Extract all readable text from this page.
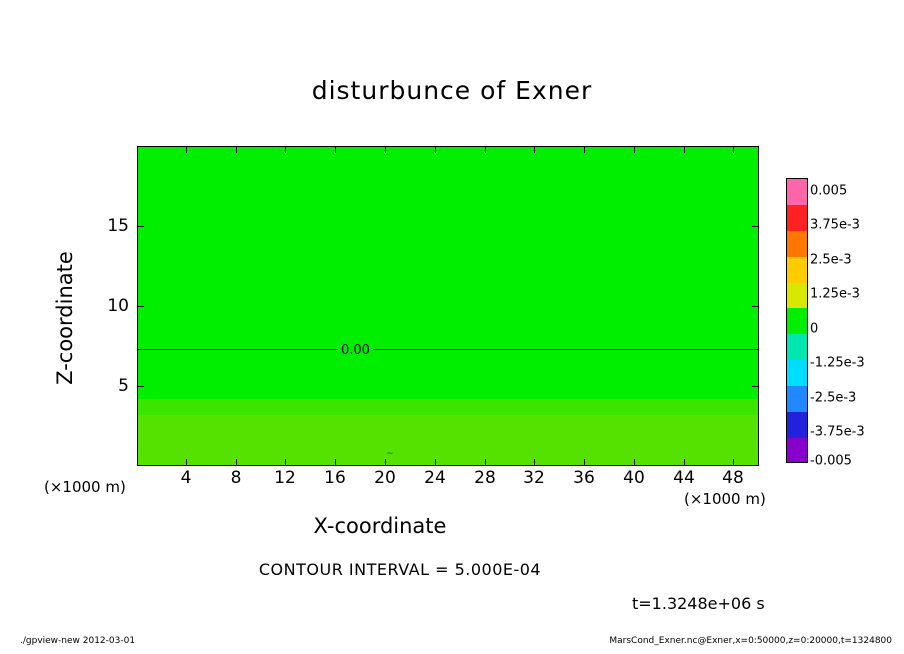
disturbunce of Exner
0.00
~
4 8 12 16 20 24 28 32 36 40 44 48
5
10
15
X-coordinate
Z-coordinate
(×1000 m)
(×1000 m)
CONTOUR INTERVAL = 5.000E-04
t=1.3248e+06 s
./gpview-new 2012-03-01	MarsCond_Exner.nc@Exner,x=0:50000,z=0:20000,t=1324800
0.005
3.75e-3
2.5e-3
1.25e-3
0
-1.25e-3
-2.5e-3
-3.75e-3
-0.005
